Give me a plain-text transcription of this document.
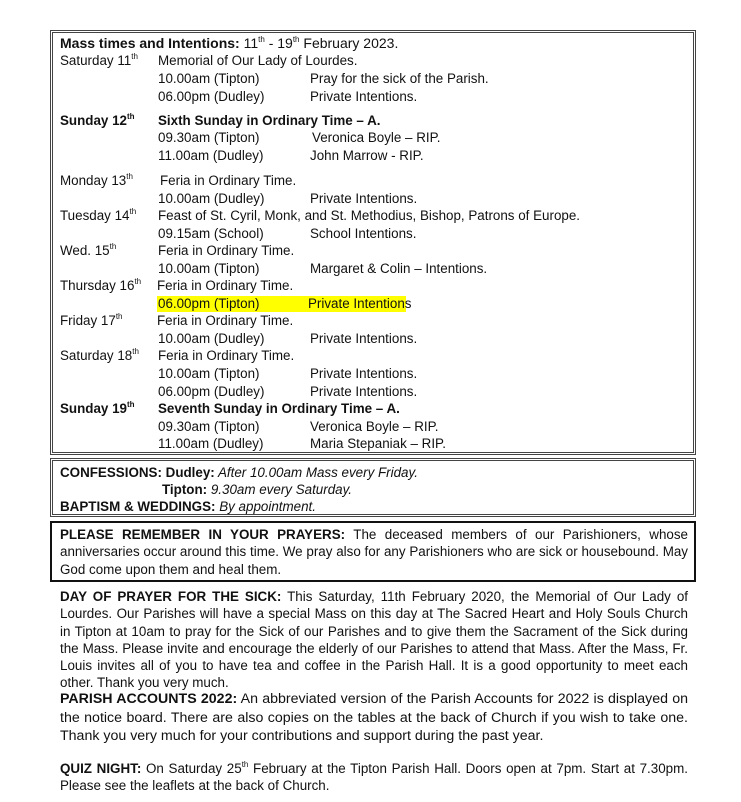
Mass times and Intentions: 11th - 19th February 2023.
Saturday 11th Memorial of Our Lady of Lourdes.
10.00am (Tipton)	Pray for the sick of the Parish.
06.00pm (Dudley)	Private Intentions.
Sunday 12th Sixth Sunday in Ordinary Time – A.
09.30am (Tipton)	Veronica Boyle – RIP.
11.00am (Dudley)	John Marrow - RIP.
Monday 13th Feria in Ordinary Time.
10.00am (Dudley)	Private Intentions.
Tuesday 14th Feast of St. Cyril, Monk, and St. Methodius, Bishop, Patrons of Europe.
09.15am (School)	School Intentions.
Wed. 15th	Feria in Ordinary Time.
10.00am (Tipton)	Margaret & Colin – Intentions.
Thursday 16th Feria in Ordinary Time.
06.00pm (Tipton)	Private Intentions
Friday 17th	Feria in Ordinary Time.
10.00am (Dudley)	Private Intentions.
Saturday 18th Feria in Ordinary Time.
10.00am (Tipton)	Private Intentions.
06.00pm (Dudley)	Private Intentions.
Sunday 19th Seventh Sunday in Ordinary Time – A.
09.30am (Tipton)	Veronica Boyle – RIP.
11.00am (Dudley)	Maria Stepaniak – RIP.
CONFESSIONS: Dudley: After 10.00am Mass every Friday.
Tipton: 9.30am every Saturday.
BAPTISM & WEDDINGS: By appointment.
PLEASE REMEMBER IN YOUR PRAYERS: The deceased members of our Parishioners, whose anniversaries occur around this time. We pray also for any Parishioners who are sick or housebound. May God come upon them and heal them.
DAY OF PRAYER FOR THE SICK: This Saturday, 11th February 2020, the Memorial of Our Lady of Lourdes. Our Parishes will have a special Mass on this day at The Sacred Heart and Holy Souls Church in Tipton at 10am to pray for the Sick of our Parishes and to give them the Sacrament of the Sick during the Mass. Please invite and encourage the elderly of our Parishes to attend that Mass. After the Mass, Fr. Louis invites all of you to have tea and coffee in the Parish Hall. It is a good opportunity to meet each other. Thank you very much.
PARISH ACCOUNTS 2022: An abbreviated version of the Parish Accounts for 2022 is displayed on the notice board. There are also copies on the tables at the back of Church if you wish to take one. Thank you very much for your contributions and support during the past year.
QUIZ NIGHT: On Saturday 25th February at the Tipton Parish Hall. Doors open at 7pm. Start at 7.30pm. Please see the leaflets at the back of Church.
